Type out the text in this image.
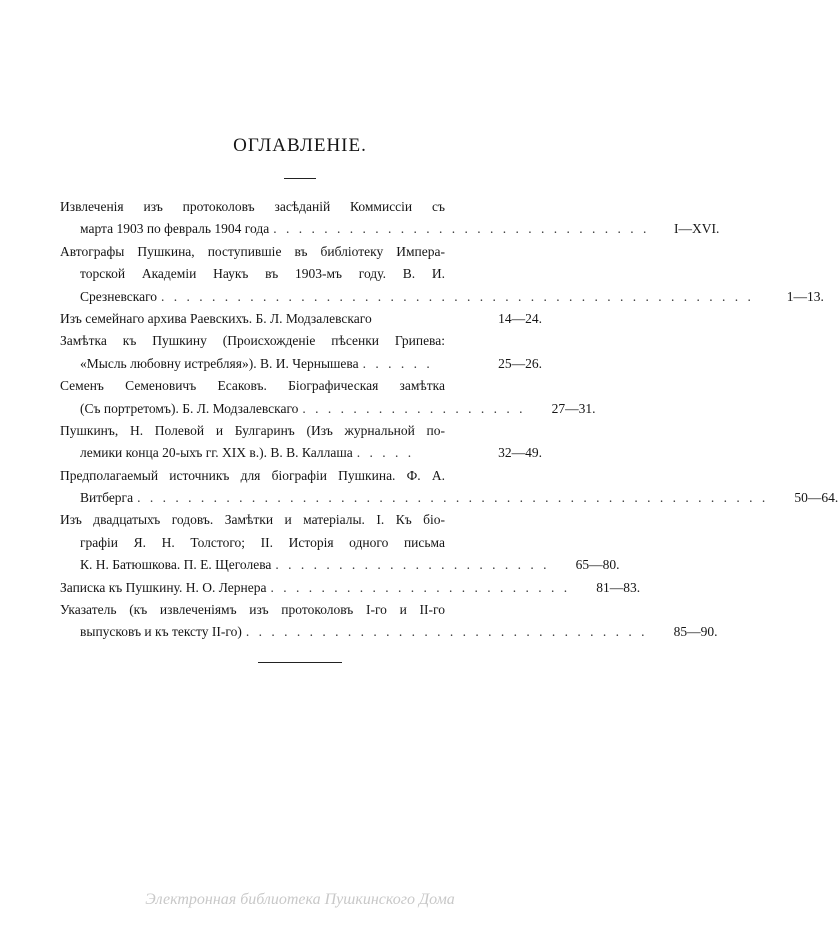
ОГЛАВЛЕНІЕ.
Извлеченія изъ протоколовъ засѣданій Коммиссіи съ
марта 1903 по февраль 1904 года . . . . . . . . . . . . . . . . . . . . . . . . . . . . . .	I—XVI.
Автографы Пушкина, поступившіе въ библіотеку Импера-
торской Академіи Наукъ въ 1903-мъ году. В. И.
Срезневскаго . . . . . . . . . . . . . . . . . . . . . . . . . . . . . . . . . . . . . . . . . . . . . . .	1—13.
Изъ семейнаго архива Раевскихъ. Б. Л. Модзалевскаго	14—24.
Замѣтка къ Пушкину (Происхожденіе пѣсенки Грипева:
«Мысль любовну истребляя»). В. И. Чернышева . . . . . .	25—26.
Семенъ Семеновичъ Есаковъ. Біографическая замѣтка
(Съ портретомъ). Б. Л. Модзалевскаго . . . . . . . . . . . . . . . . . .	27—31.
Пушкинъ, Н. Полевой и Булгаринъ (Изъ журнальной по-
лемики конца 20-ыхъ гг. XIX в.). В. В. Каллаша . . . . .	32—49.
Предполагаемый источникъ для біографіи Пушкина. Ф. А.
Витберга . . . . . . . . . . . . . . . . . . . . . . . . . . . . . . . . . . . . . . . . . . . . . . . . . .	50—64.
Изъ двадцатыхъ годовъ. Замѣтки и матеріалы. І. Къ біо-
графіи Я. Н. Толстого; ІІ. Исторія одного письма
К. Н. Батюшкова. П. Е. Щеголева . . . . . . . . . . . . . . . . . . . . . .	65—80.
Записка къ Пушкину. Н. О. Лернера . . . . . . . . . . . . . . . . . . . . . . . .	81—83.
Указатель (къ извлеченіямъ изъ протоколовъ І-го и ІІ-го
выпусковъ и къ тексту ІІ-го) . . . . . . . . . . . . . . . . . . . . . . . . . . . . . . . .	85—90.
Электронная библиотека Пушкинского Дома
